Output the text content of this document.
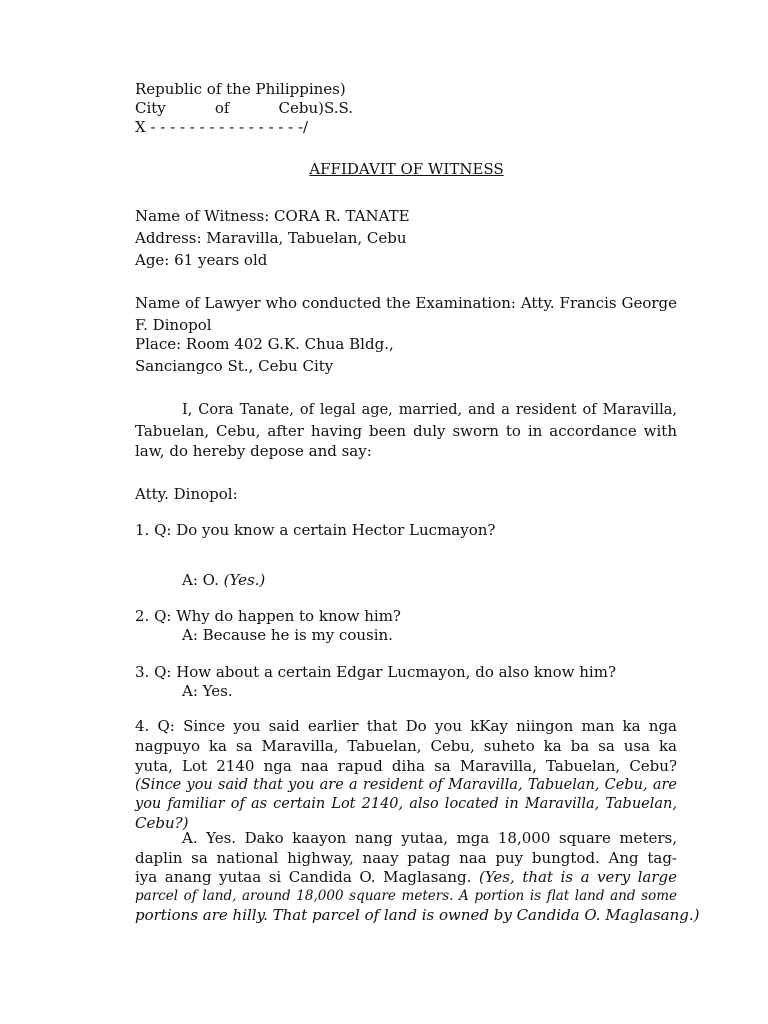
Republic of the Philippines)
City	of	Cebu)S.S.
X - - - - - - - - - - - - - - - -/
AFFIDAVIT OF WITNESS
Name of Witness: CORA R. TANATE
Address: Maravilla, Tabuelan, Cebu
Age: 61 years old
Name of Lawyer who conducted the Examination: Atty. Francis George
F. Dinopol
Place: Room 402 G.K. Chua Bldg.,
Sanciangco St., Cebu City
I, Cora Tanate, of legal age, married, and a resident of Maravilla,
Tabuelan, Cebu, after having been duly sworn to in accordance with
law, do hereby depose and say:
Atty. Dinopol:
1. Q: Do you know a certain Hector Lucmayon?
A: O. (Yes.)
2. Q: Why do happen to know him?
A: Because he is my cousin.
3. Q: How about a certain Edgar Lucmayon, do also know him?
A: Yes.
4. Q: Since you said earlier that Do you kKay niingon man ka nga
nagpuyo ka sa Maravilla, Tabuelan, Cebu, suheto ka ba sa usa ka
yuta, Lot 2140 nga naa rapud diha sa Maravilla, Tabuelan, Cebu?
(Since you said that you are a resident of Maravilla, Tabuelan, Cebu, are
you familiar of as certain Lot 2140, also located in Maravilla, Tabuelan,
Cebu?)
A. Yes. Dako kaayon nang yutaa, mga 18,000 square meters,
daplin sa national highway, naay patag naa puy bungtod. Ang tag-
iya anang yutaa si Candida O. Maglasang. (Yes, that is a very large
parcel of land, around 18,000 square meters. A portion is flat land and some
portions are hilly. That parcel of land is owned by Candida O. Maglasang.)
